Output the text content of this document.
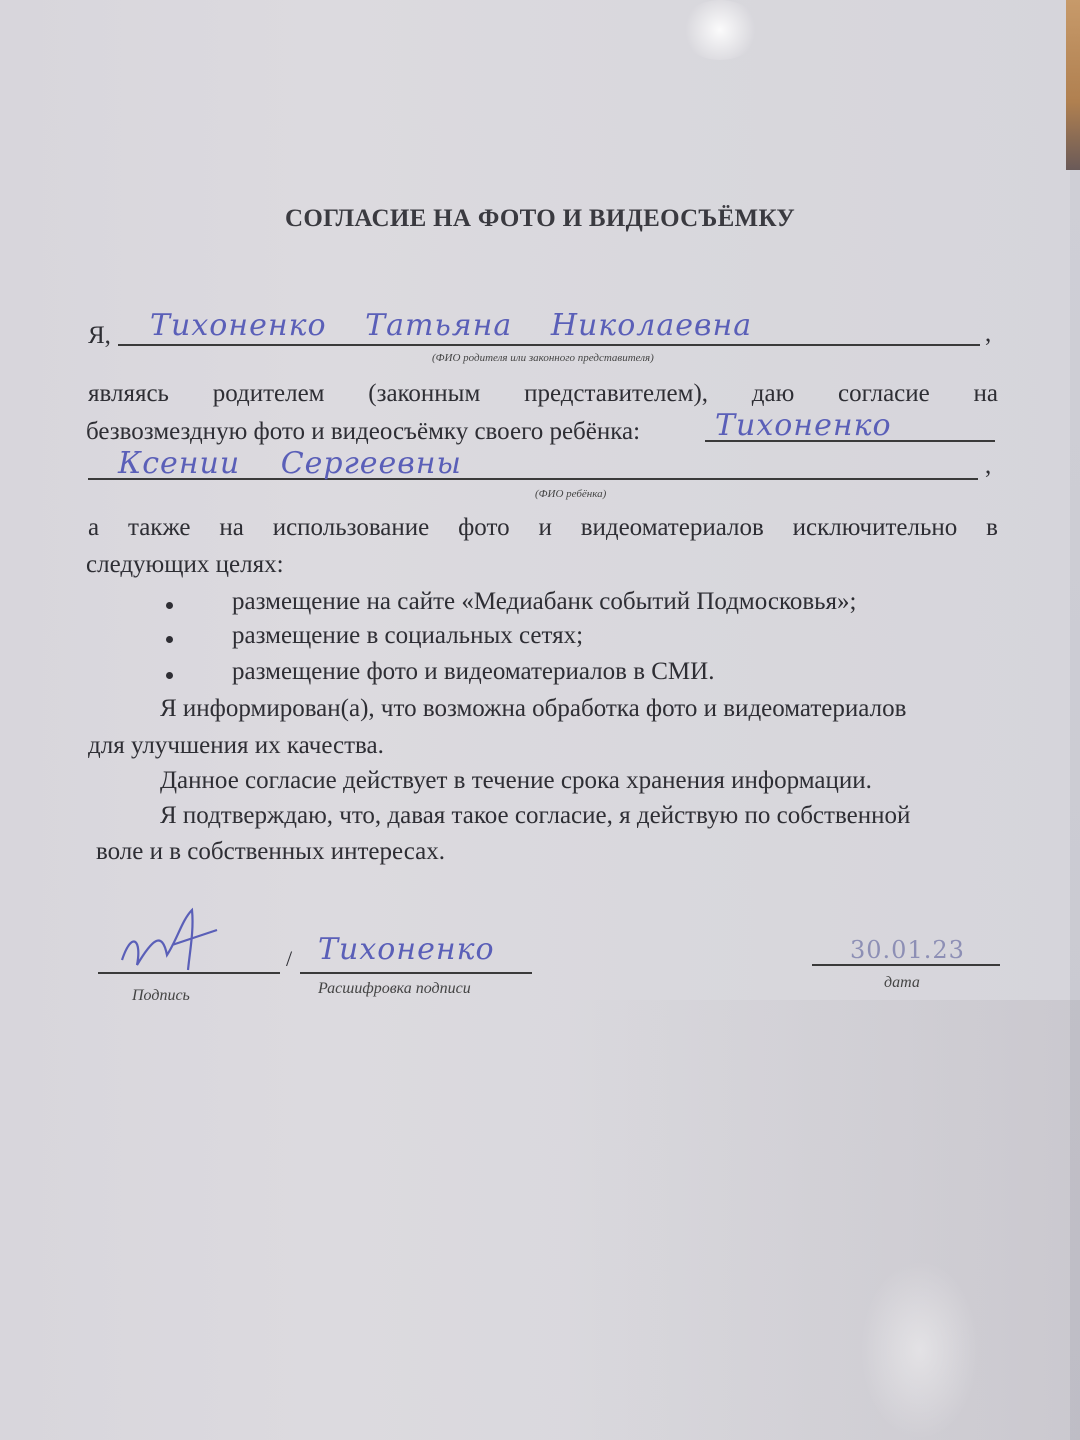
СОГЛАСИЕ НА ФОТО И ВИДЕОСЪЁМКУ
Я,	,
Тихоненко Татьяна Николаевна
(ФИО родителя или законного представителя)
являясь родителем (законным представителем), даю согласие на
безвозмездную фото и видеосъёмку своего ребёнка: Тихоненко
,
Ксении Сергеевны
(ФИО ребёнка)
а также на использование фото и видеоматериалов исключительно в
следующих целях:
размещение на сайте «Медиабанк событий Подмосковья»;
размещение в социальных сетях;
размещение фото и видеоматериалов в СМИ.
Я информирован(а), что возможна обработка фото и видеоматериалов
для улучшения их качества.
Данное согласие действует в течение срока хранения информации.
Я подтверждаю, что, давая такое согласие, я действую по собственной
воле и в собственных интересах.
Подпись
/ Тихоненко
Расшифровка подписи
30.01.23
дата
